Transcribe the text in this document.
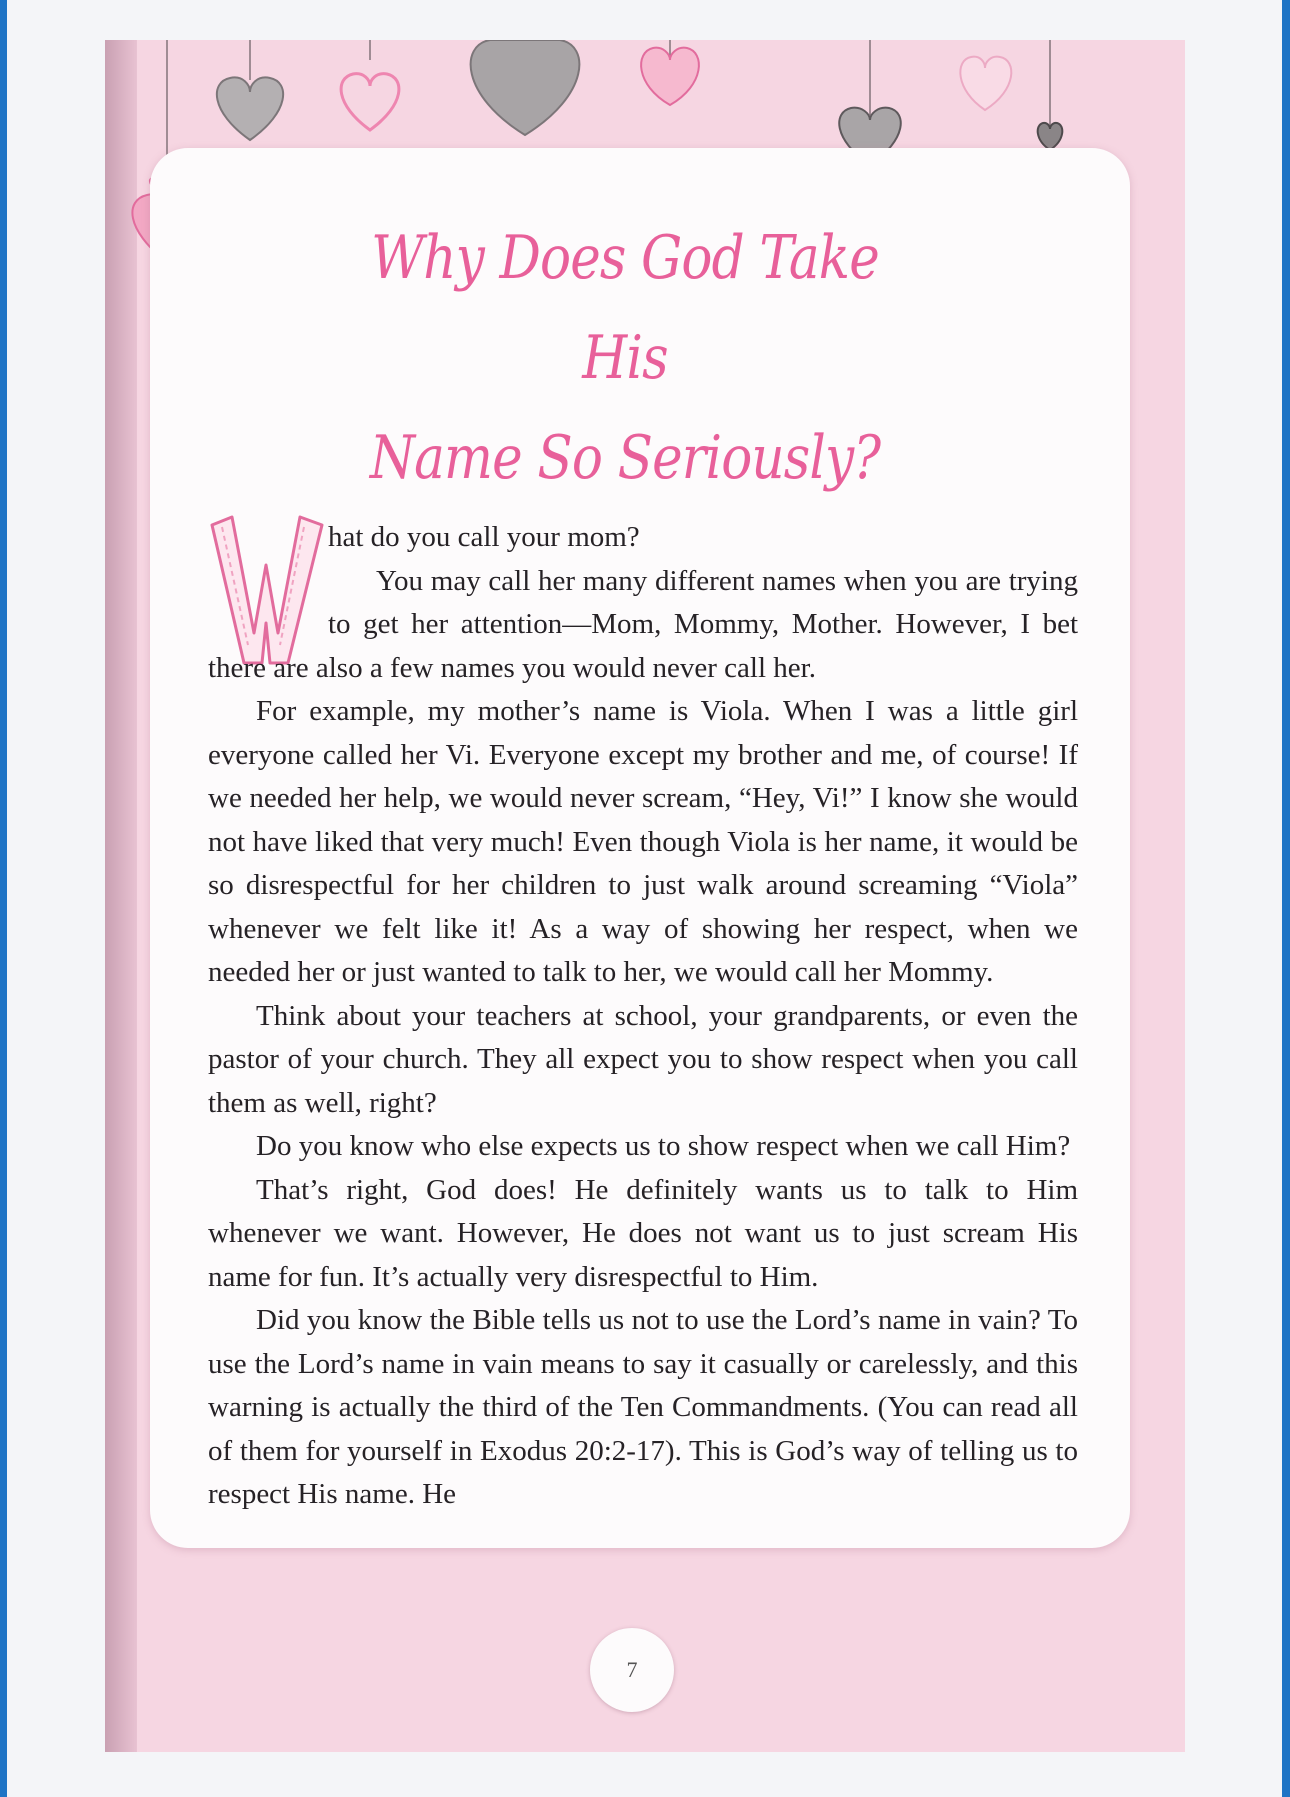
Why Does God Take His
Name So Seriously?

hat do you call your mom?

You may call her many different names when you are trying to get her attention—Mom, Mommy, Mother. However, I bet there are also a few names you would never call her.

For example, my mother’s name is Viola. When I was a little girl everyone called her Vi. Everyone except my brother and me, of course! If we needed her help, we would never scream, “Hey, Vi!” I know she would not have liked that very much! Even though Viola is her name, it would be so disrespectful for her children to just walk around screaming “Viola” whenever we felt like it! As a way of showing her respect, when we needed her or just wanted to talk to her, we would call her Mommy.

Think about your teachers at school, your grandparents, or even the pastor of your church. They all expect you to show respect when you call them as well, right?

Do you know who else expects us to show respect when we call Him?

That’s right, God does! He definitely wants us to talk to Him whenever we want. However, He does not want us to just scream His name for fun. It’s actually very disrespectful to Him.

Did you know the Bible tells us not to use the Lord’s name in vain? To use the Lord’s name in vain means to say it casually or carelessly, and this warning is actually the third of the Ten Commandments. (You can read all of them for yourself in Exodus 20:2-17). This is God’s way of telling us to respect His name. He

7
